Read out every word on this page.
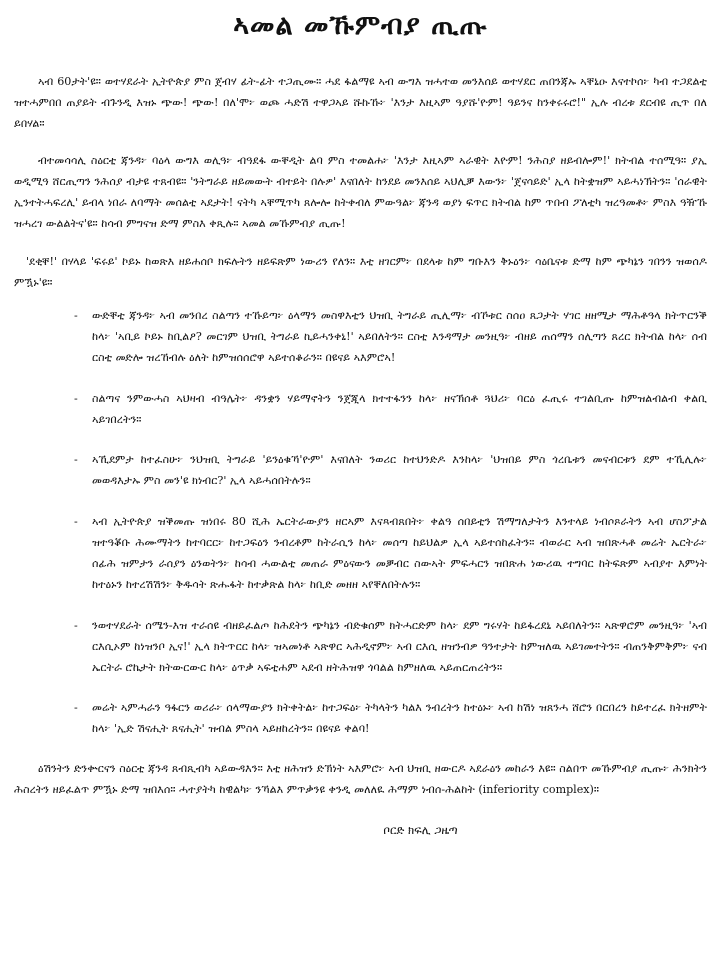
ኣመል መኹምብያ ጢጡ

ኣብ 60ታት'ዩ። ወተሃደራት ኢትዮጵያ ምስ ጀብሃ ፊት-ፊት ተጋጢሙ። ሓደ ፋልማዩ ኣብ ውግእ ዝሓተወ መንእሰይ ወተሃደር ጠበንጃኡ ኣቐኒዑ እናተኮሰ፦ ካብ ተጋደልቲ ዝተሓምበበ ጠያይት ብጉንዲ እዝኑ ጭው! ጭው! በለ'ሞ፦ ወጮ ሓድሽ ተዋጋኣይ ሹኩኹ፦ 'እንታ እዚኣም ዓያሹ'ዮም! ዓይንና ከንቀሩሩሮ!" ኢሉ ብረቱ ደርብዩ ጢጥ በለ ይበሃል።

ብተመሳሳሊ ስዕርቲ ጃንዳ፦ ባዕላ ውግእ ወሊዓ፦ ብዓደፋ ውቐዲት ልባ ምስ ተመልሐ፦ 'እንታ እዚኣም ኣራዊት እዮም! ንሕስያ ዘይብሎም!' ክትብል ተሰሚዓ። ያኢ ወዲሚዓ ሸርጢጣን ንሕሰያ ብታዩ ተጸብዩ። 'ንትግራይ ዘይመውት ብተይት በሉዎ' እናበለት ከንደይ መንእሰይ ኣህሊቓ እውን፦ 'ጀናሳይድ' ኢላ ከትቋዝም ኣይሓነኽትን። 'ሰራዊት ኢንተትሓፍረሊ' ይብላ ነበራ ለባማት መሰልቲ ኣደታት! ናትካ ኣቐሚጥካ ጸሎሎ ከትቀብለ ምውዓል፦ ጃንዳ ወያነ ፍጥር ክትብል ከም ጥበብ ፖለቲካ ዝረዓመቶ፦ ምስእ ዓዥኹ ዝሓረገ ውልልትና'ዩ። ከሳብ ምግናዝ ድማ ምስእ ቀጺሉ። ኣመል መኹምብያ ጢጡ!

'ደቂቐ!' በሃላይ 'ፍሩይ' ኮይኑ ከወጽእ ዘይሐሰቦ ክፍሉትን ዘይፍጽም ነውሪን የለን። እቲ ዘገርም፦ በደላቱ ከም ግቡእን ቅኑዕን፦ ሳዕቤናቱ ድማ ከም ጭካኔን ገበንን ዝወሰዶ ምዃኑ'ዩ።

- ውድቐቲ ጃንዳ፦ ኣብ መንበረ ስልጣን ተኹይጣ፦ ዕላማን መስዋእቲን ህዝቢ ትግራይ ጢሊማ፦ ብኾቱር ስሰዐ ጸጋታት ሃገር ዘዘሚታ ማሕቶዓላ ክትጥርንቕ ከላ፦ 'ኣቢይ ኮይኑ ከቢልዖ? መርገም ህዝቢ ትግራይ ኪይሓንቀኒ!' ኣይበለትን። ርስቲ እንዳማታ መንዚዓ፦ ብዘይ ጠሰማን ሰሊጣን ጸረር ክትብል ከላ፦ ሰብ ርስቲ መድሎ ዝረኸብሉ ዕለት ከምዝሰሰሮዋ ኣይተሰቆራን። በዩናይ ኣእምሮኣ!
- ስልጣና ንምውሓስ ኣህዛብ ብዓሌት፦ ዳንቋን ሃይማኖትን ንጀጂላ ክተተፋንን ከላ፦ ዘናኽሰቶ ጓህሪ፦ ባርዕ ፈጢሩ ተገልቢጡ ከምዝልብልብ ቀልቢ ኣይገበረትን።
- ኣኺደምታ ከተፈስሁ፦ ንህዝቢ ትግራይ 'ይንዕቁኻ'ዮም' እናበለት ንወሪር ከተህንድዶ እንከላ፦ 'ህዝበይ ምስ ጎረቤቱን መናብርቱን ደም ተኺሊሉ፦ መወዳእታኡ ምስ መን'ዩ ክነብር?' ኢላ ኣይሓሰበትሉን።
- ኣብ ኢትዮጵያ ዝቕመጡ ዝነበሩ 80 ሺሕ ኤርትራውያን ዘርኣም እናጻብጸበት፦ ቀልዓ ሰበይቲን ሽማግለታትን እንተላይ ነብሶጾራትን ኣብ ሆስፖታል ዝተዓቖቡ ሕሙማትን ከተባርር፦ ከተጋፍዕን ንብረቶም ከትራሲን ከላ፦ መሰጣ ከይህልዎ ኢላ ኣይተሰከፈትን። ብወራር ኣብ ዝበጽሓቶ መሬት ኤርትራ፦ ሰፊሕ ዝምታን ራሰያን ዕንወትን፦ ከሳብ ሓውልቲ መጠራ ምዕናውን መቓብር ስውኣት ምፍሓርን ዝበጽሐ ነውሪዉ ተግባር ከትፍጽም ኣብያተ እምነት ከተዕኑን ከተረሽሽን፦ ቅዱሳት ጽሑፋት ከተቃጽል ከላ፦ ከቢድ መዘዘ ኣየቐለበትሉን።
- ንወተሃደራት ሰሜን-እዝ ተራሰዩ ብዘይፈልጦ ከሕደትን ጭካኔን ብድቁሰም ክትሓርድም ከላ፦ ደም ግሩሃት ከይፋረደኒ ኣይበለትን። ኣጽዋሮም መንዚዓ፦ 'ኣብ ርእሲኦም ከነዝንቦ ኢና!' ኢላ ክትጥርር ከላ፦ ዝኣመነቶ ኣጽዋር ኣሕዲኖም፦ ኣብ ርእሲ ዘዝንብዎ ዓንተታት ከምዝለዉ ኣይገመተትን። ብጠንቅምቅም፦ ናብ ኤርትራ ሮኬታት ክትውርውር ከላ፦ ዕጥቃ ኣፍቲሐም ኣደብ ዘትሕዝዋ ጎባልል ከምዘለዉ ኣይጠርጠረትን።
- መሬት ኣምሓራን ዓፋርን ወሪራ፦ ሰላማውያን ክትቀትል፦ ከተጋፍዕ፦ ትካላትን ካልእ ንብረትን ከተዕኑ፦ ኣብ ከሽነ ዝጸንሓ ሸሮን በርበረን ከይተረፈ ክትዘምት ከላ፦ 'ኢድ ሽናሒት ጸናሒት' ዝብል ምስላ ኣይዘከረትን። በዩናይ ቀልባ!

ዕሽንትን ድንቍርናን ስዕርቲ ጃንዳ ጸብጺብካ ኣይውዳእን። እቲ ዘሕዝን ድኽነት ኣእምሮ፦ ኣብ ህዝቢ ዘውርዶ ኣደራዕን መከራን እዩ። ስልበጥ መኹምብያ ጢጡ፦ ሕንክትን ሕስረትን ዘይፈልጥ ምዃኑ ድማ ዝበእሰ። ሓተያትካ ከዊልካ፦ ንኻልእ ምጥቃንዩ ቀንዲ መለለዪ ሕማም ነብሰ-ሕልከት (inferiority complex)።

ቦርድ ክፍሊ ጋዜጣ
